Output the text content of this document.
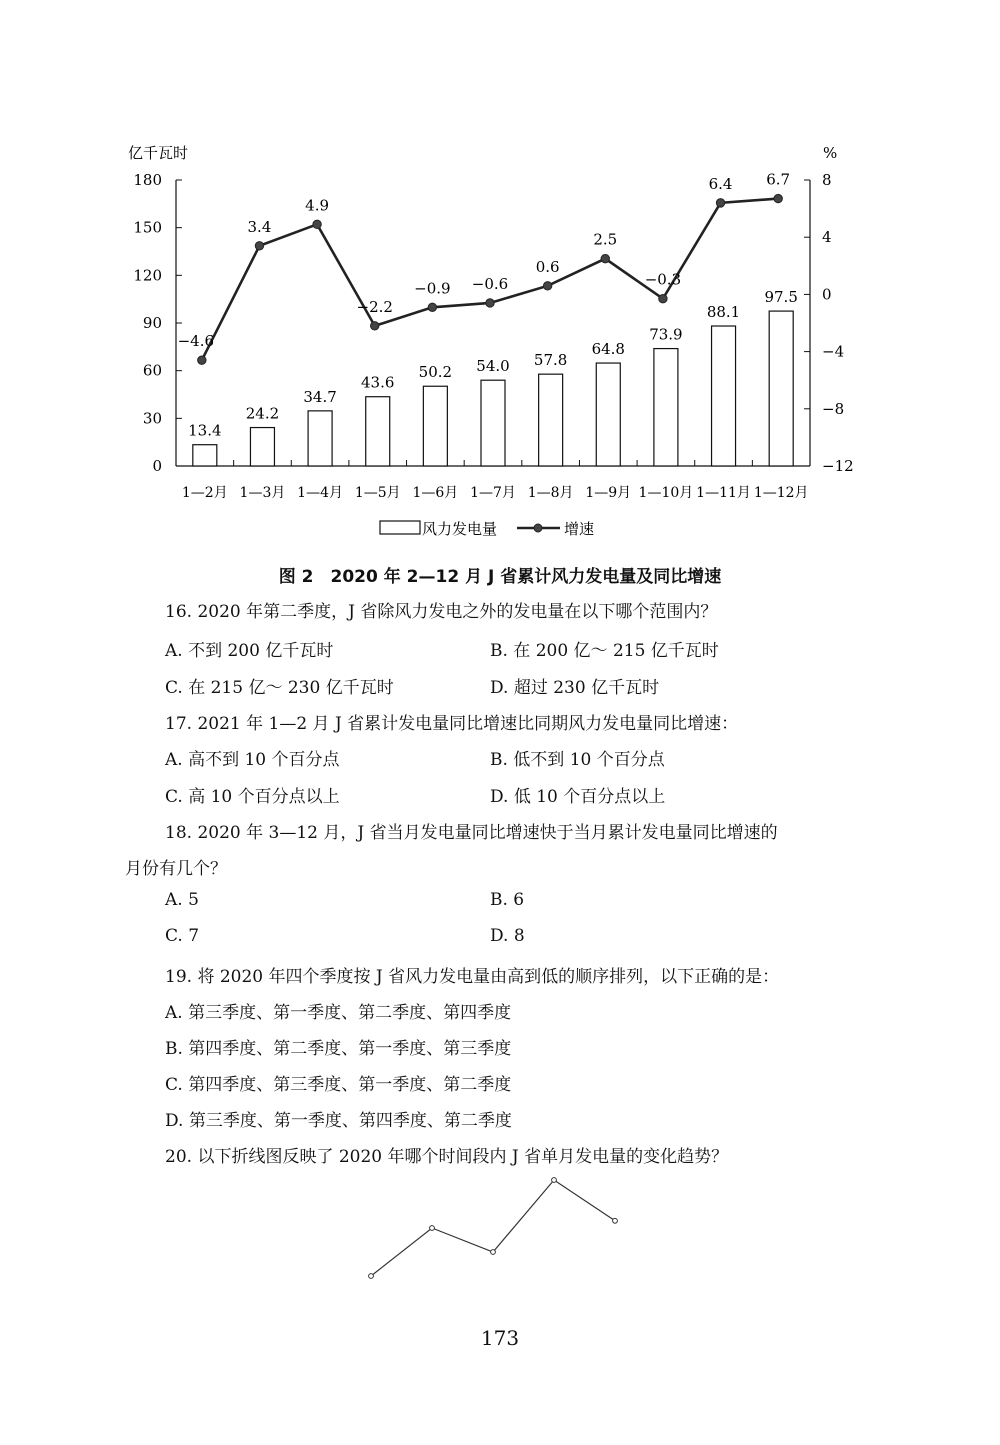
亿千瓦时	%
180
150
120
90
60
30
0
8
4
0
−4
−8
−12
1—2月 1—3月 1—4月 1—5月 1—6月 1—7月 1—8月 1—9月 1—10月 1—11月 1—12月
13.4
24.2
34.7
43.6
50.2 54.0 57.8
64.8
73.9
88.1
97.5
−4.6
3.4
4.9
−2.2
−0.9 −0.6
0.6
2.5
−0.3
6.4 6.7
风力发电量	增速
图 2　2020 年 2—12 月 J 省累计风力发电量及同比增速
16. 2020 年第二季度，J 省除风力发电之外的发电量在以下哪个范围内？
A. 不到 200 亿千瓦时	B. 在 200 亿～ 215 亿千瓦时
C. 在 215 亿～ 230 亿千瓦时	D. 超过 230 亿千瓦时
17. 2021 年 1—2 月 J 省累计发电量同比增速比同期风力发电量同比增速：
A. 高不到 10 个百分点	B. 低不到 10 个百分点
C. 高 10 个百分点以上	D. 低 10 个百分点以上
18. 2020 年 3—12 月，J 省当月发电量同比增速快于当月累计发电量同比增速的
月份有几个？
A. 5	B. 6
C. 7	D. 8
19. 将 2020 年四个季度按 J 省风力发电量由高到低的顺序排列，以下正确的是：
A. 第三季度、第一季度、第二季度、第四季度
B. 第四季度、第二季度、第一季度、第三季度
C. 第四季度、第三季度、第一季度、第二季度
D. 第三季度、第一季度、第四季度、第二季度
20. 以下折线图反映了 2020 年哪个时间段内 J 省单月发电量的变化趋势？
173
